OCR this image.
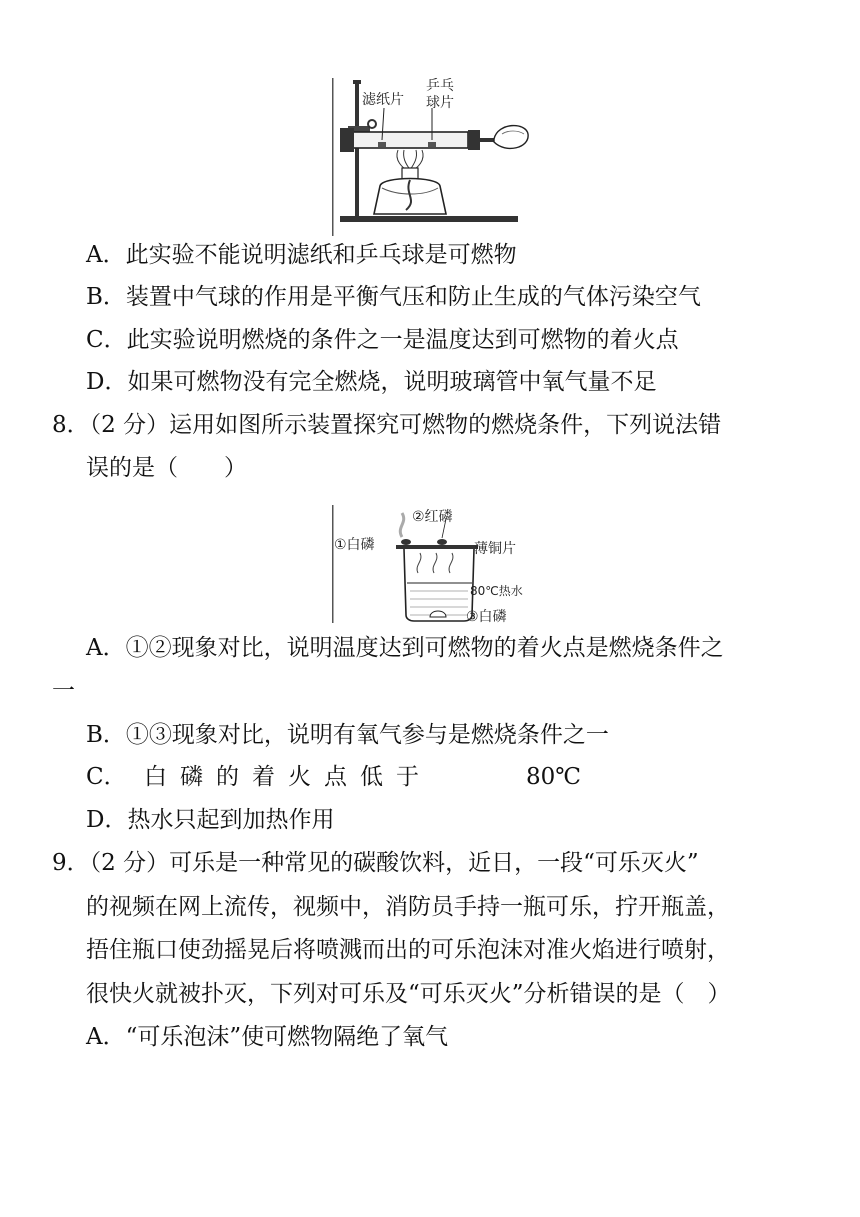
滤纸片
乒乓
球片
A．此实验不能说明滤纸和乒乓球是可燃物
B．装置中气球的作用是平衡气压和防止生成的气体污染空气
C．此实验说明燃烧的条件之一是温度达到可燃物的着火点
D．如果可燃物没有完全燃烧，说明玻璃管中氧气量不足
8．（2 分）运用如图所示装置探究可燃物的燃烧条件，下列说法错
误的是（　　）
②红磷
①白磷	薄铜片
80℃热水
③白磷
A．①②现象对比，说明温度达到可燃物的着火点是燃烧条件之
一
B．①③现象对比，说明有氧气参与是燃烧条件之一
C． 白 磷 的 着 火 点 低 于	80℃
D．热水只起到加热作用
9．（2 分）可乐是一种常见的碳酸饮料，近日，一段“可乐灭火”
的视频在网上流传，视频中，消防员手持一瓶可乐，拧开瓶盖，
捂住瓶口使劲摇晃后将喷溅而出的可乐泡沫对准火焰进行喷射，
很快火就被扑灭，下列对可乐及“可乐灭火”分析错误的是（　）
A．“可乐泡沫”使可燃物隔绝了氧气
